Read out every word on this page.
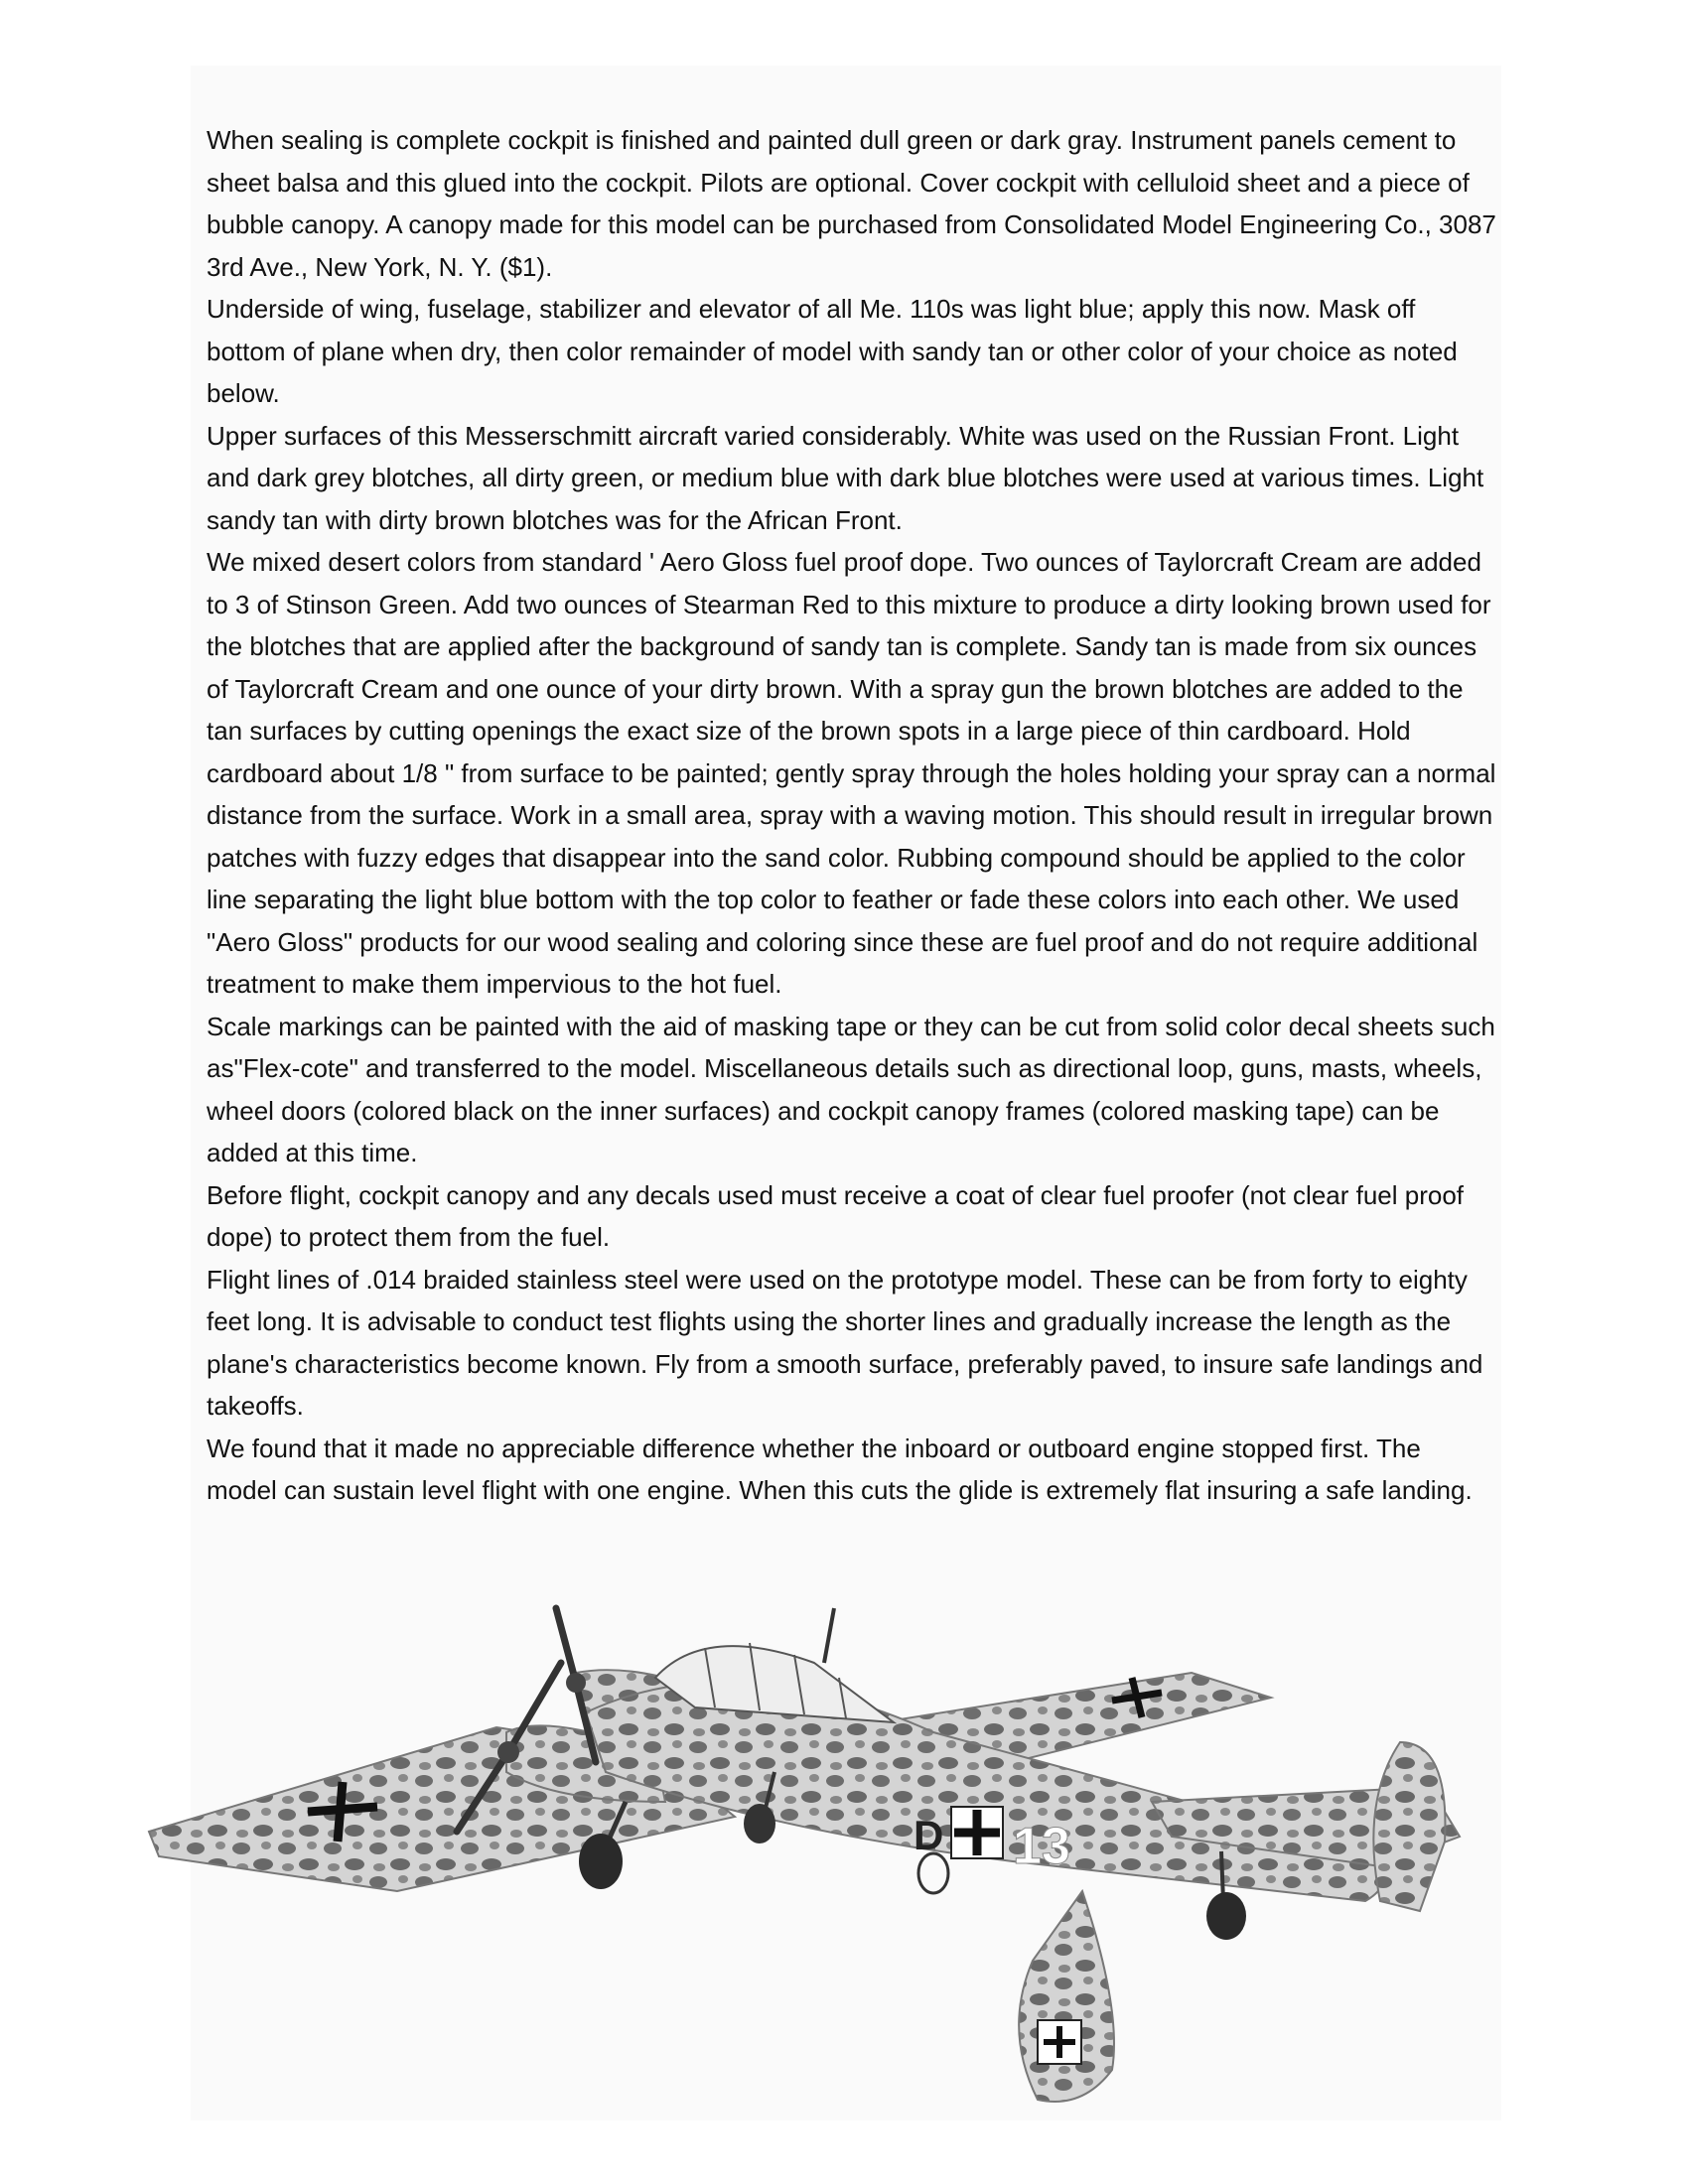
When sealing is complete cockpit is finished and painted dull green or dark gray. Instrument panels cement to sheet balsa and this glued into the cockpit. Pilots are optional. Cover cockpit with celluloid sheet and a piece of bubble canopy. A canopy made for this model can be purchased from Consolidated Model Engineering Co., 3087 3rd Ave., New York, N. Y. ($1).

Underside of wing, fuselage, stabilizer and elevator of all Me. 110s was light blue; apply this now. Mask off bottom of plane when dry, then color remainder of model with sandy tan or other color of your choice as noted below.

Upper surfaces of this Messerschmitt aircraft varied considerably. White was used on the Russian Front. Light and dark grey blotches, all dirty green, or medium blue with dark blue blotches were used at various times. Light sandy tan with dirty brown blotches was for the African Front.

We mixed desert colors from standard ' Aero Gloss fuel proof dope. Two ounces of Taylorcraft Cream are added to 3 of Stinson Green. Add two ounces of Stearman Red to this mixture to produce a dirty looking brown used for the blotches that are applied after the background of sandy tan is complete. Sandy tan is made from six ounces of Taylorcraft Cream and one ounce of your dirty brown. With a spray gun the brown blotches are added to the tan surfaces by cutting openings the exact size of the brown spots in a large piece of thin cardboard. Hold cardboard about 1/8 " from surface to be painted; gently spray through the holes holding your spray can a normal distance from the surface. Work in a small area, spray with a waving motion. This should result in irregular brown patches with fuzzy edges that disappear into the sand color. Rubbing compound should be applied to the color line separating the light blue bottom with the top color to feather or fade these colors into each other. We used "Aero Gloss" products for our wood sealing and coloring since these are fuel proof and do not require additional treatment to make them impervious to the hot fuel.

Scale markings can be painted with the aid of masking tape or they can be cut from solid color decal sheets such as"Flex-cote" and transferred to the model. Miscellaneous details such as directional loop, guns, masts, wheels, wheel doors (colored black on the inner surfaces) and cockpit canopy frames (colored masking tape) can be added at this time.

Before flight, cockpit canopy and any decals used must receive a coat of clear fuel proofer (not clear fuel proof dope) to protect them from the fuel.

Flight lines of .014 braided stainless steel were used on the prototype model. These can be from forty to eighty feet long. It is advisable to conduct test flights using the shorter lines and gradually increase the length as the plane's characteristics become known. Fly from a smooth surface, preferably paved, to insure safe landings and takeoffs.

We found that it made no appreciable difference whether the inboard or outboard engine stopped first. The model can sustain level flight with one engine. When this cuts the glide is extremely flat insuring a safe landing.

D 13
